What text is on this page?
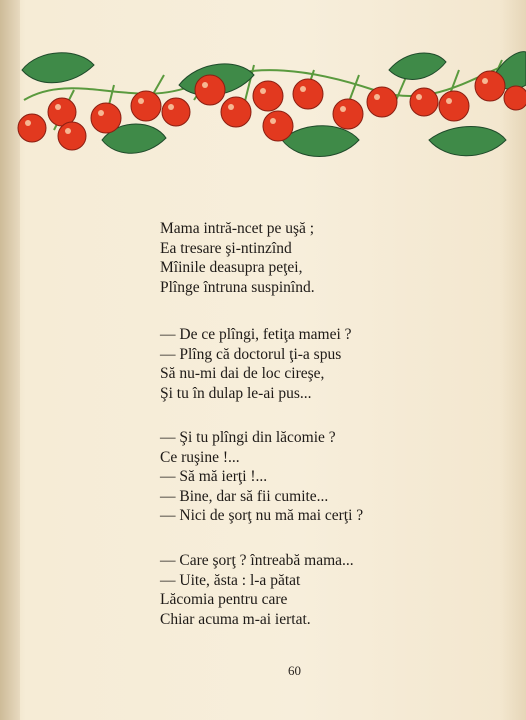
Mama intră-ncet pe uşă ;
Ea tresare şi-ntinzînd
Mîinile deasupra peţei,
Plînge întruna suspinînd.
— De ce plîngi, fetiţa mamei ?
— Plîng că doctorul ţi-a spus
Să nu-mi dai de loc cireşe,
Şi tu în dulap le-ai pus...
— Şi tu plîngi din lăcomie ?
Ce ruşine !...
— Să mă ierţi !...
— Bine, dar să fii cumite...
— Nici de şorţ nu mă mai cerţi ?
— Care şorţ ? întreabă mama...
— Uite, ăsta : l-a pătat
Lăcomia pentru care
Chiar acuma m-ai iertat.
60
